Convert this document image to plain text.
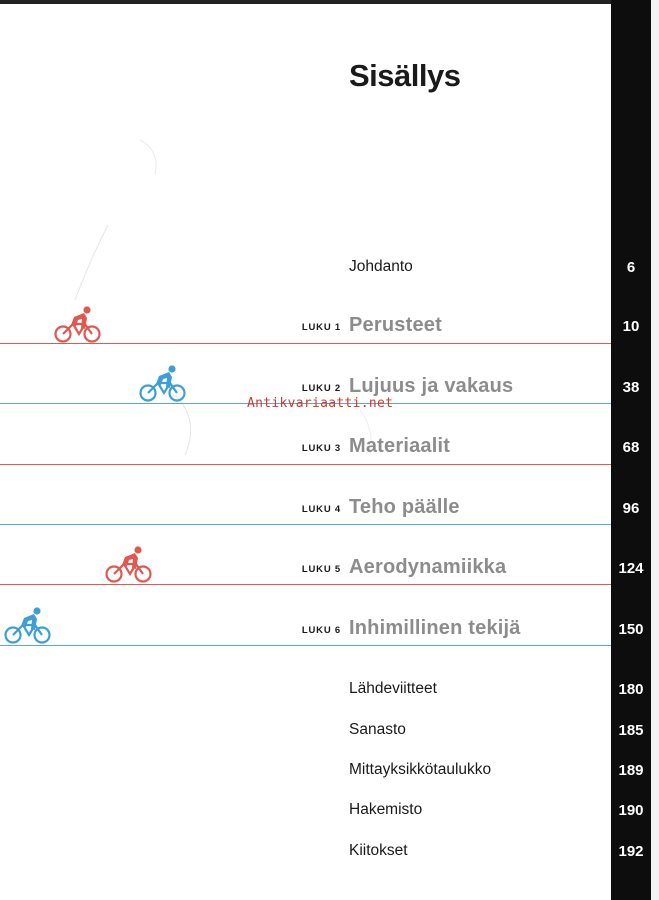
Sisällys
Johdanto	6
LUKU 1 Perusteet	10
LUKU 2 Lujuus ja vakaus	38
LUKU 3 Materiaalit	68
LUKU 4 Teho päälle	96
LUKU 5 Aerodynamiikka	124
LUKU 6 Inhimillinen tekijä	150
Lähdeviitteet	180
Sanasto	185
Mittayksikkötaulukko	189
Hakemisto	190
Kiitokset	192
Antikvariaatti.net
